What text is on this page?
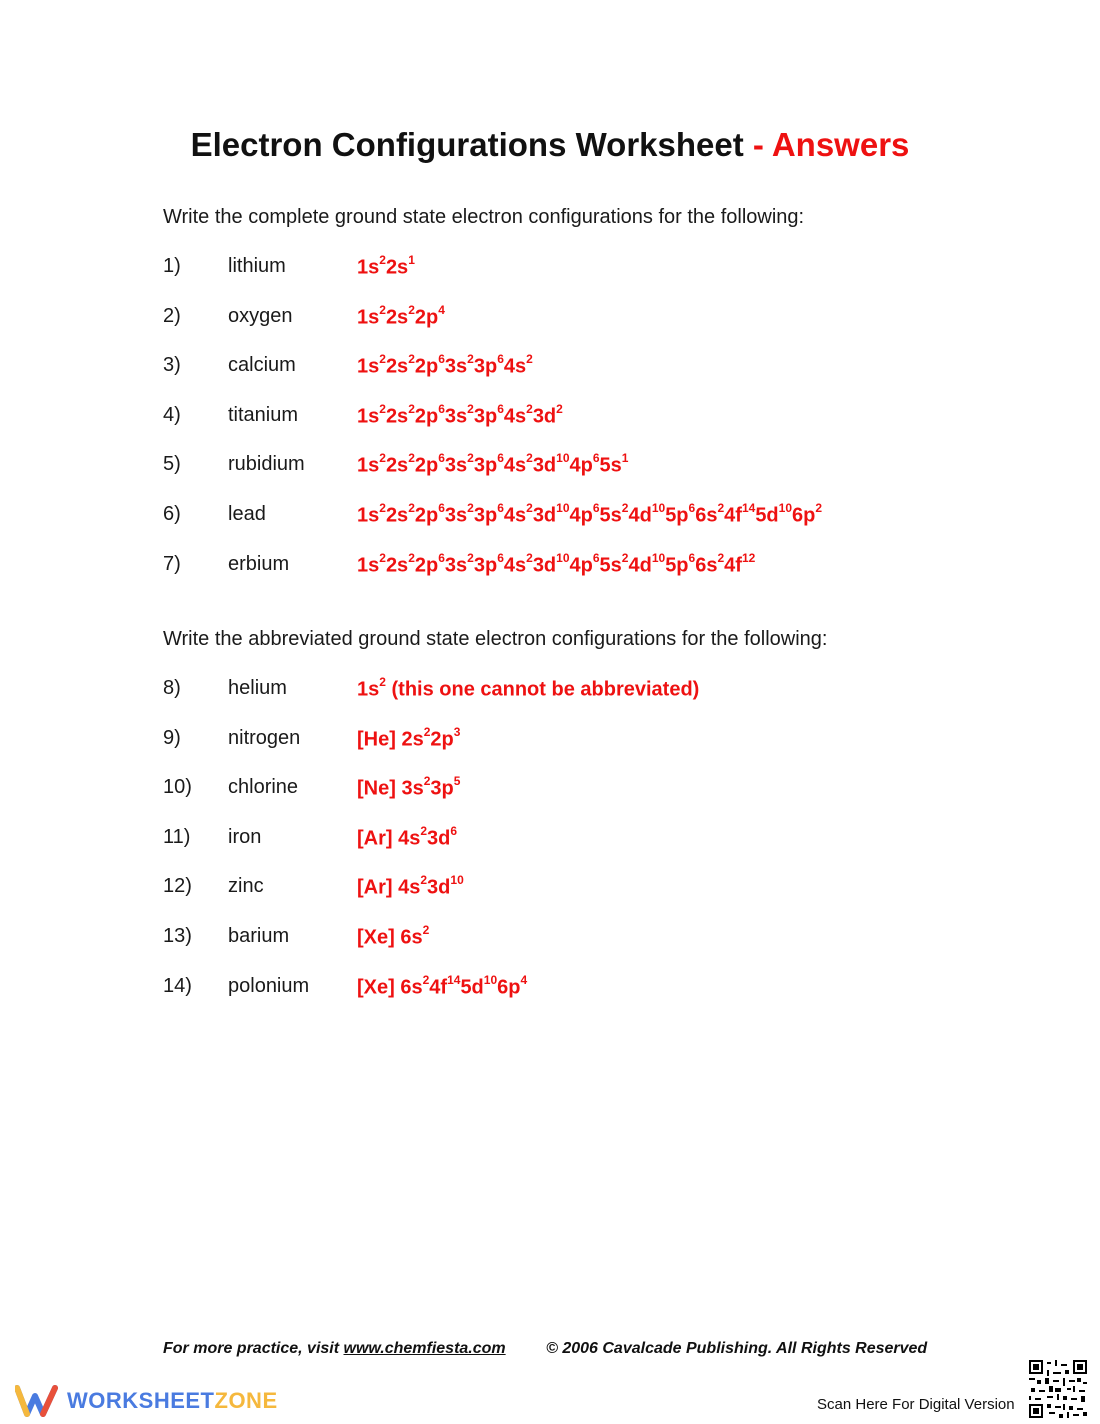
Electron Configurations Worksheet - Answers
Write the complete ground state electron configurations for the following:
1) lithium	$1s^22s^1$
2) oxygen	$1s^22s^22p^4$
3) calcium	$1s^22s^22p^63s^23p^64s^2$
4) titanium	$1s^22s^22p^63s^23p^64s^23d^2$
5) rubidium	$1s^22s^22p^63s^23p^64s^23d^{10}4p^65s^1$
6) lead	$1s^22s^22p^63s^23p^64s^23d^{10}4p^65s^24d^{10}5p^66s^24f^{14}5d^{10}6p^2$
7) erbium	$1s^22s^22p^63s^23p^64s^23d^{10}4p^65s^24d^{10}5p^66s^24f^{12}$
Write the abbreviated ground state electron configurations for the following:
8) helium	$1s^2$ (this one cannot be abbreviated)
9) nitrogen	[He] $2s^22p^3$
10) chlorine	[Ne] $3s^23p^5$
11) iron	[Ar] $4s^23d^6$
12) zinc	[Ar] $4s^23d^{10}$
13) barium	[Xe] $6s^2$
14) polonium [Xe] $6s^24f^{14}5d^{10}6p^4$
For more practice, visit www.chemfiesta.com	© 2006 Cavalcade Publishing. All Rights Reserved
WORKSHEETZONE	Scan Here For Digital Version
